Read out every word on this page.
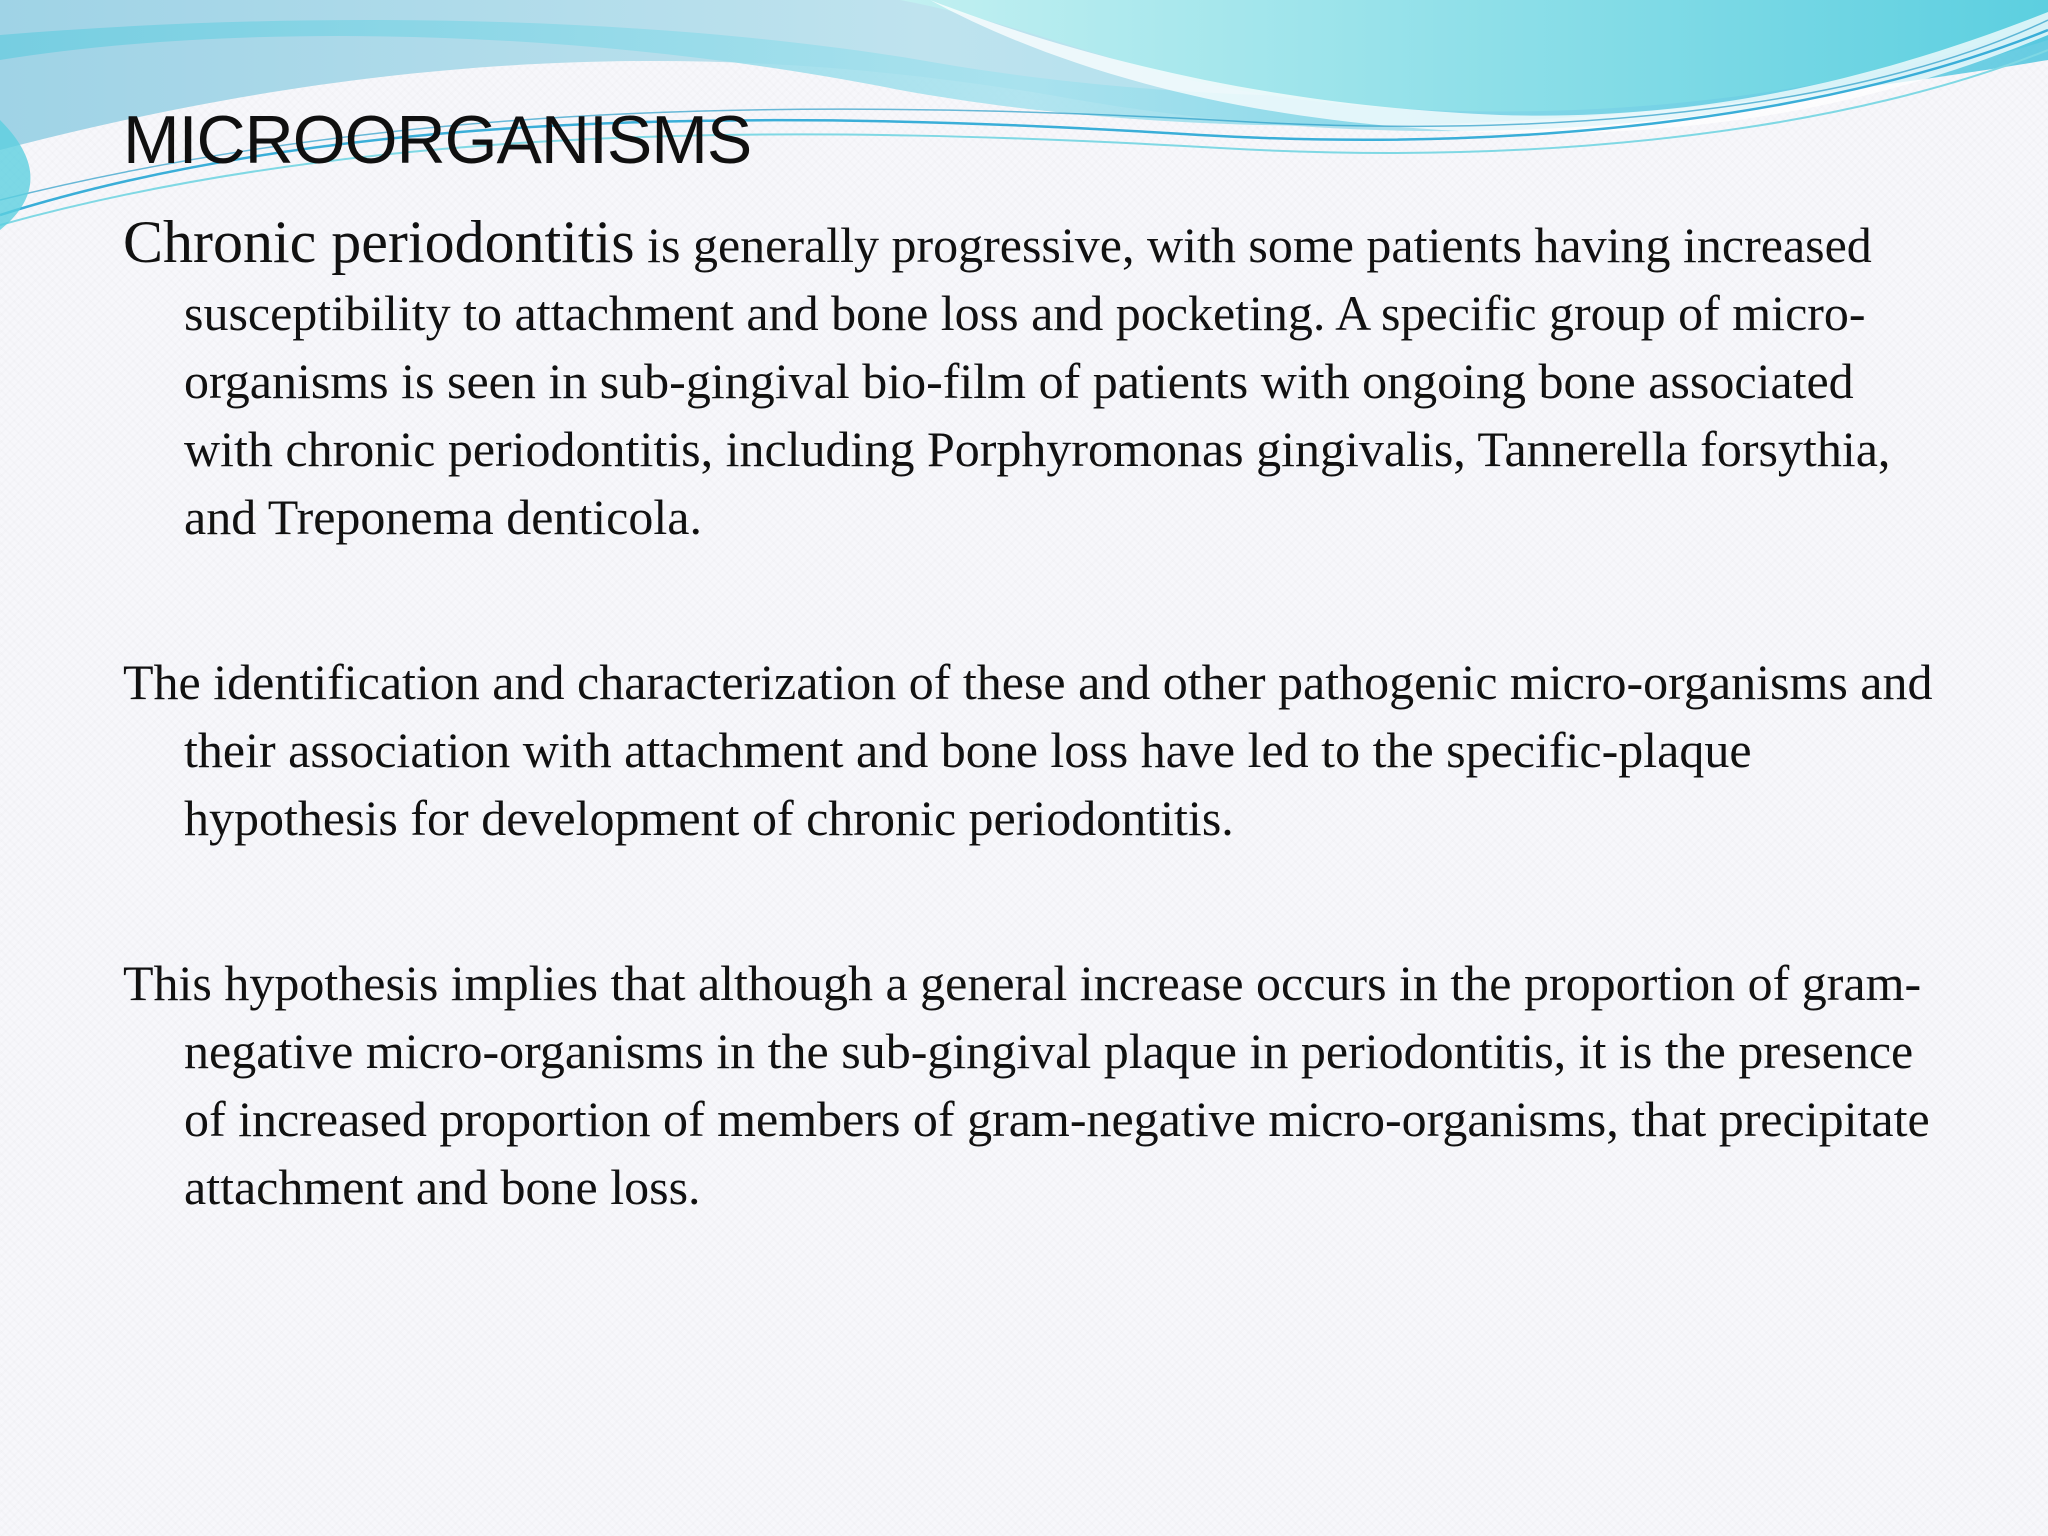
MICROORGANISMS

Chronic periodontitis is generally progressive, with some patients having increased susceptibility to attachment and bone loss and pocketing. A specific group of micro-organisms is seen in sub-gingival bio-film of patients with ongoing bone associated with chronic periodontitis, including Porphyromonas gingivalis, Tannerella forsythia, and Treponema denticola.

The identification and characterization of these and other pathogenic micro-organisms and their association with attachment and bone loss have led to the specific-plaque hypothesis for development of chronic periodontitis.

This hypothesis implies that although a general increase occurs in the proportion of gram-negative micro-organisms in the sub-gingival plaque in periodontitis, it is the presence of increased proportion of members of gram-negative micro-organisms, that precipitate attachment and bone loss.
